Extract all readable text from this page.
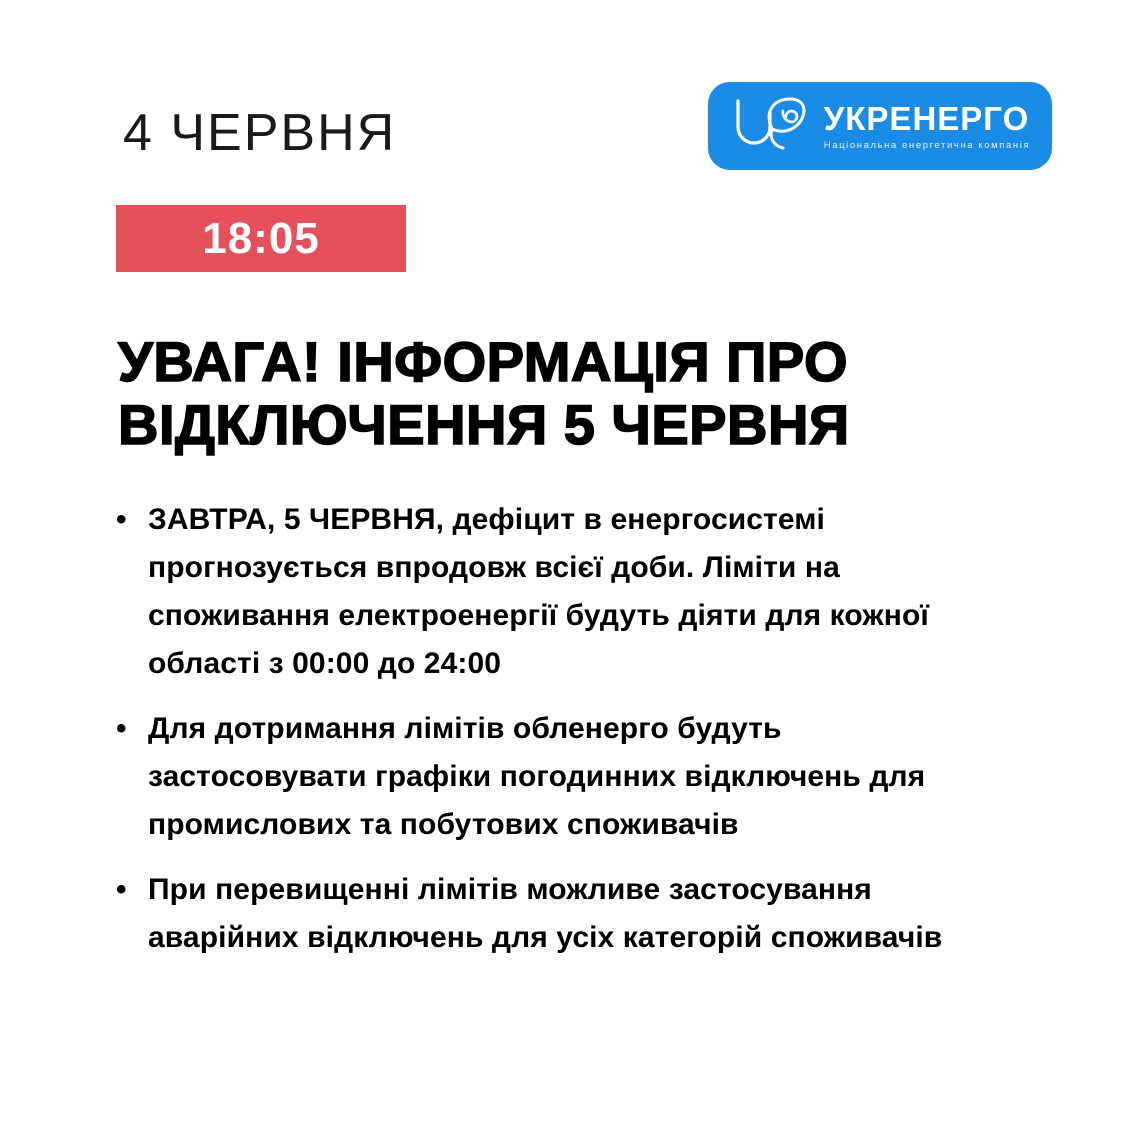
4 ЧЕРВНЯ	УКРЕНЕРГО
Національна енергетична компанія
18:05
УВАГА! ІНФОРМАЦІЯ ПРО
ВІДКЛЮЧЕННЯ 5 ЧЕРВНЯ
• ЗАВТРА, 5 ЧЕРВНЯ, дефіцит в енергосистемі прогнозується впродовж всієї доби. Ліміти на споживання електроенергії будуть діяти для кожної області з 00:00 до 24:00
• Для дотримання лімітів обленерго будуть застосовувати графіки погодинних відключень для промислових та побутових споживачів
• При перевищенні лімітів можливе застосування аварійних відключень для усіх категорій споживачів
